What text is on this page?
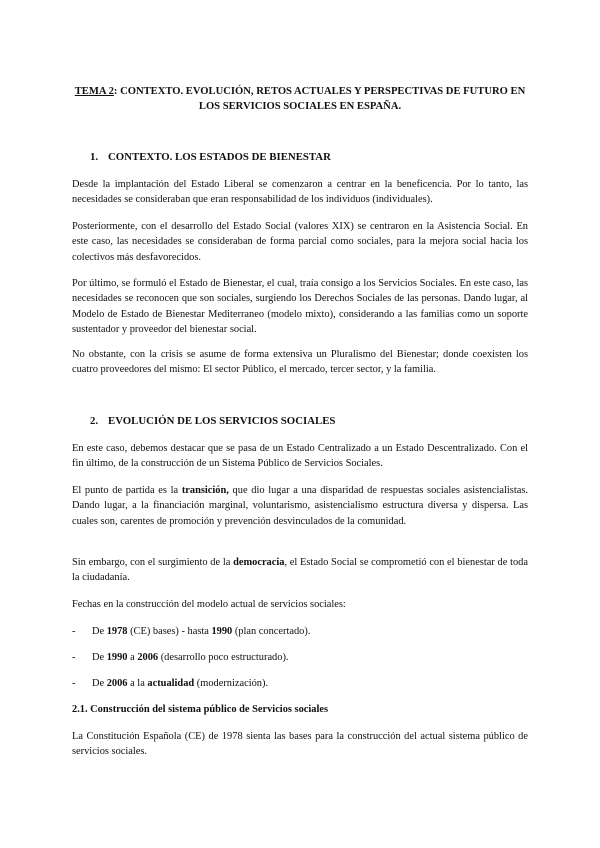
TEMA 2: CONTEXTO. EVOLUCIÓN, RETOS ACTUALES Y PERSPECTIVAS DE FUTURO EN LOS SERVICIOS SOCIALES EN ESPAÑA.
1. CONTEXTO. LOS ESTADOS DE BIENESTAR

Desde la implantación del Estado Liberal se comenzaron a centrar en la beneficencia. Por lo tanto, las necesidades se consideraban que eran responsabilidad de los individuos (individuales).

Posteriormente, con el desarrollo del Estado Social (valores XIX) se centraron en la Asistencia Social. En este caso, las necesidades se consideraban de forma parcial como sociales, para la mejora social hacia los colectivos más desfavorecidos.

Por último, se formuló el Estado de Bienestar, el cual, traía consigo a los Servicios Sociales. En este caso, las necesidades se reconocen que son sociales, surgiendo los Derechos Sociales de las personas. Dando lugar, al Modelo de Estado de Bienestar Mediterraneo (modelo mixto), considerando a las familias como un soporte sustentador y proveedor del bienestar social.

No obstante, con la crisis se asume de forma extensiva un Pluralismo del Bienestar; donde coexisten los cuatro proveedores del mismo: El sector Público, el mercado, tercer sector, y la familia.

2. EVOLUCIÓN DE LOS SERVICIOS SOCIALES

En este caso, debemos destacar que se pasa de un Estado Centralizado a un Estado Descentralizado. Con el fin último, de la construcción de un Sistema Público de Servicios Sociales.

El punto de partida es la transición, que dio lugar a una disparidad de respuestas sociales asistencialistas. Dando lugar, a la financiación marginal, voluntarismo, asistencialismo estructura diversa y dispersa. Las cuales son, carentes de promoción y prevención desvinculados de la comunidad.

Sin embargo, con el surgimiento de la democracia, el Estado Social se comprometió con el bienestar de toda la ciudadanía.

Fechas en la construcción del modelo actual de servicios sociales:

- De 1978 (CE) bases) - hasta 1990 (plan concertado).
- De 1990 a 2006 (desarrollo poco estructurado).
- De 2006 a la actualidad (modernización).
2.1. Construcción del sistema público de Servicios sociales

La Constitución Española (CE) de 1978 sienta las bases para la construcción del actual sistema público de servicios sociales.
